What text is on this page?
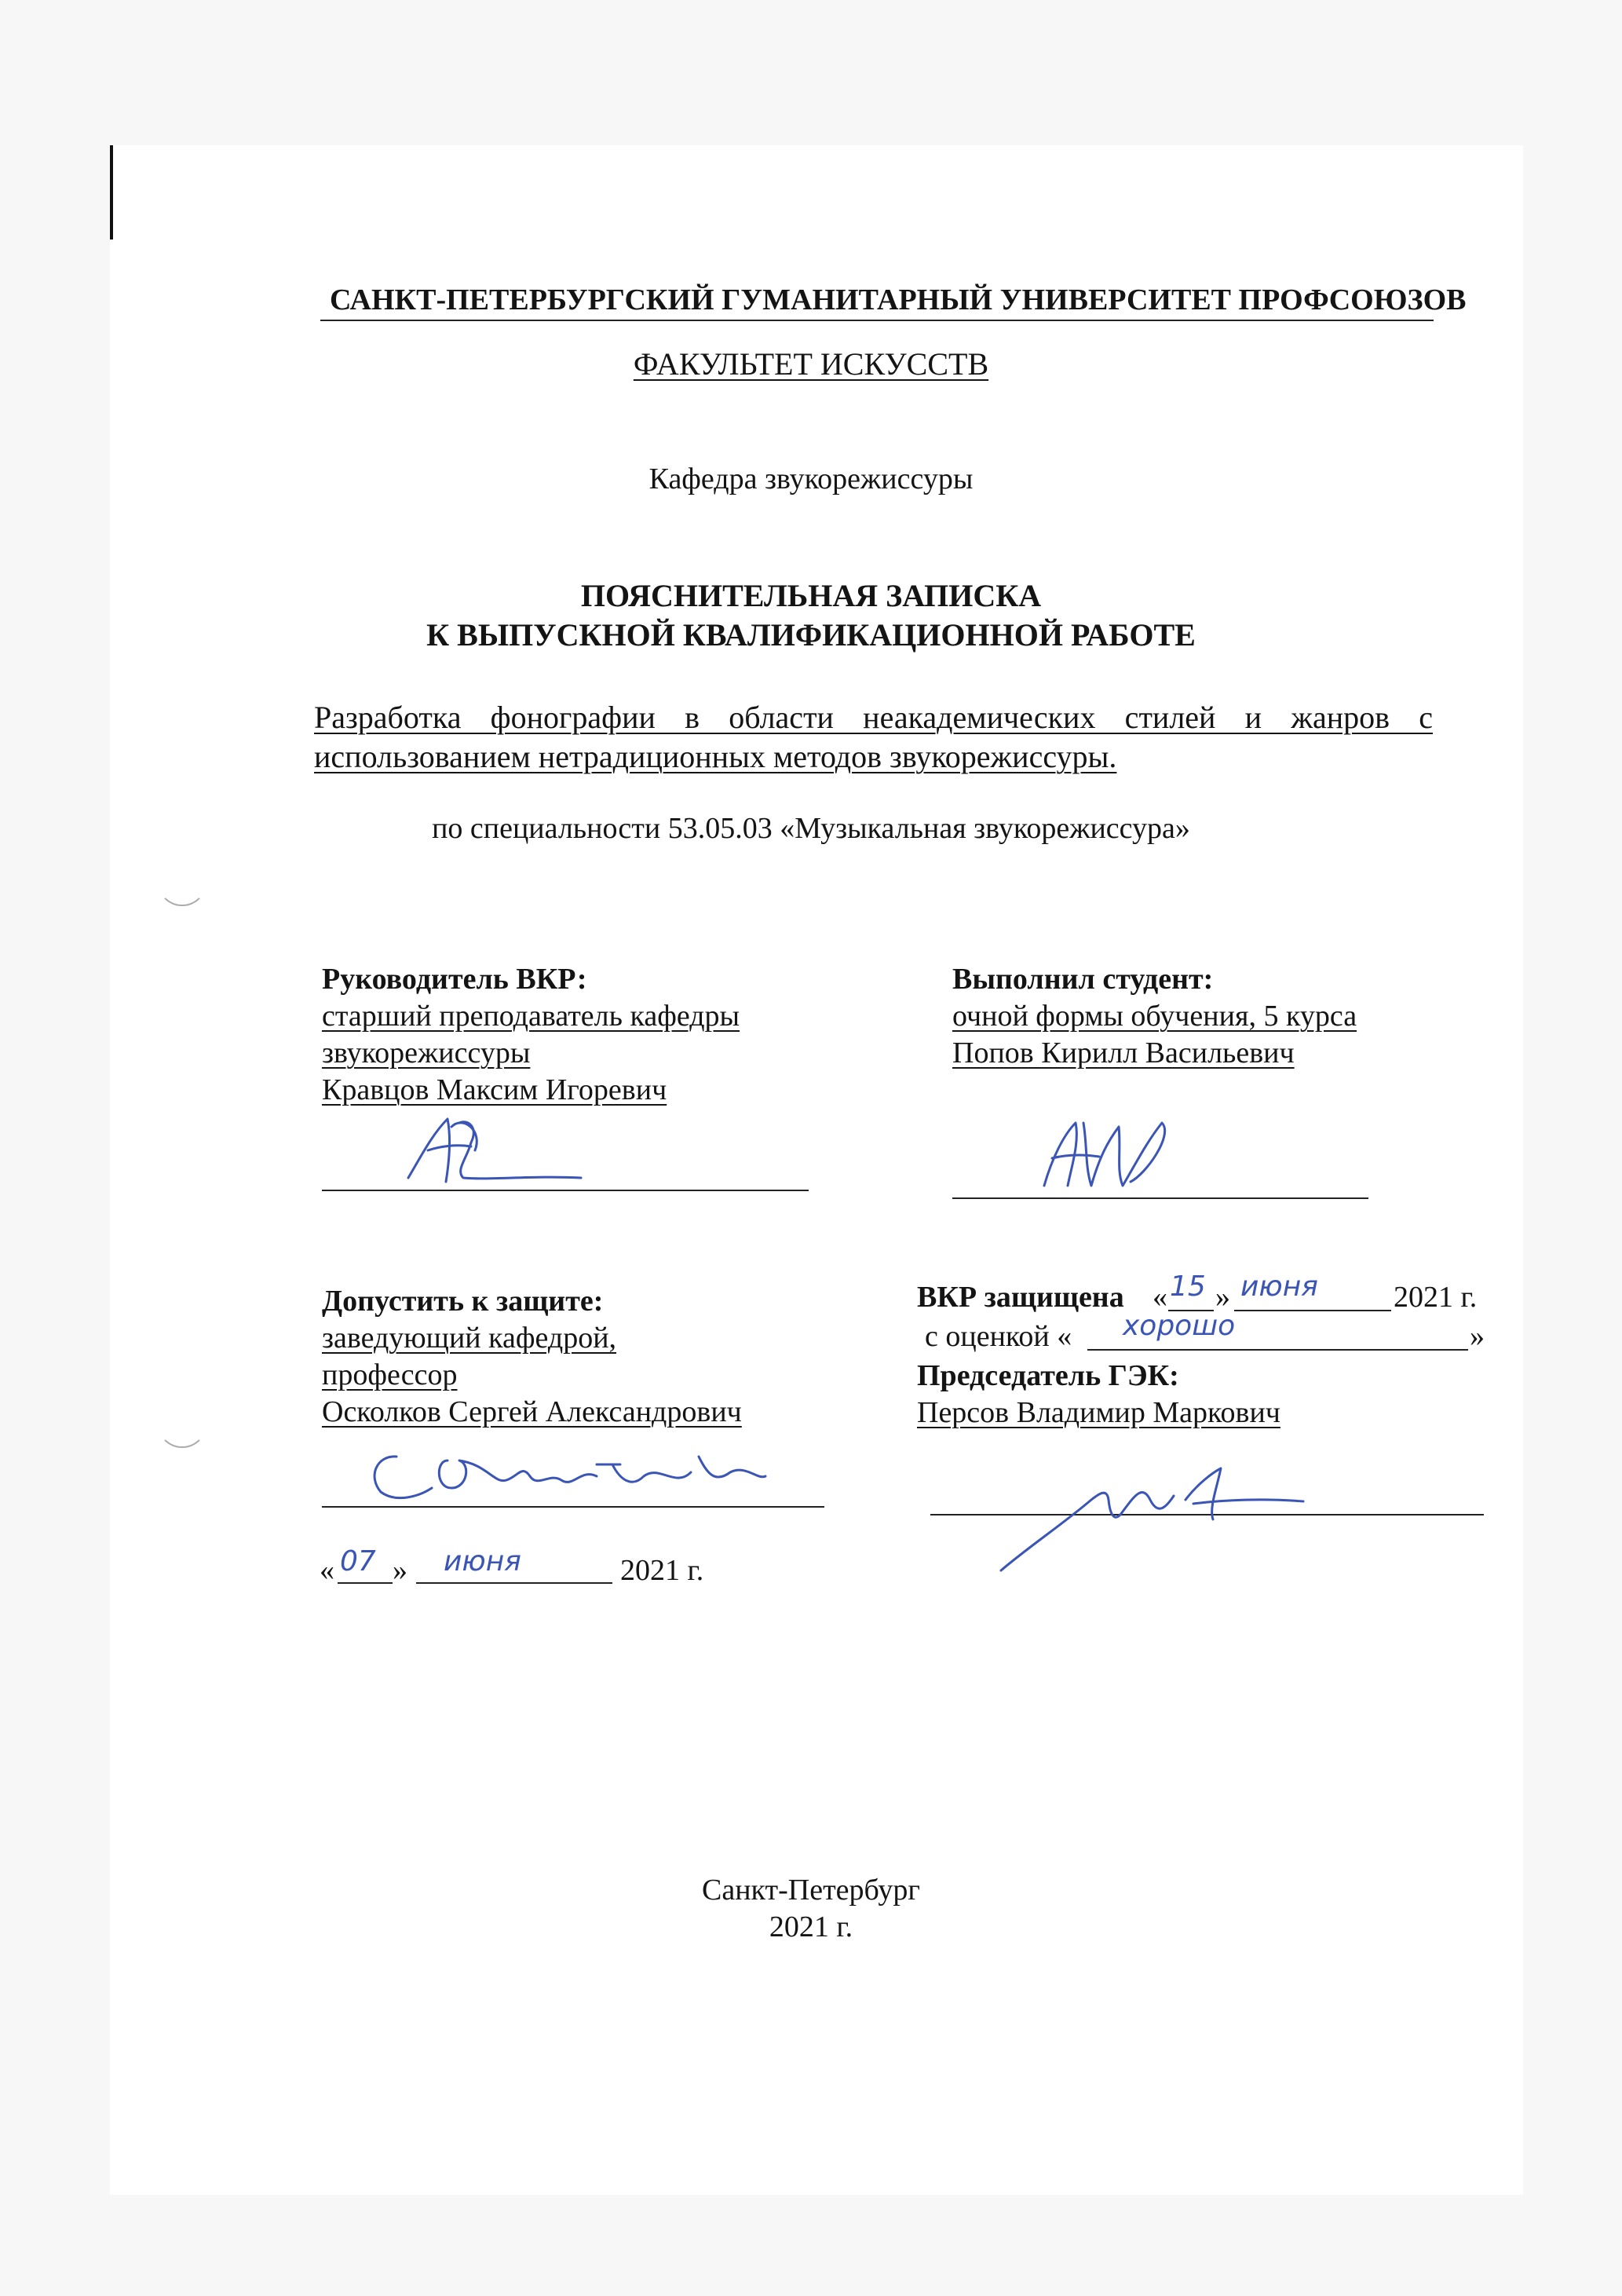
САНКТ-ПЕТЕРБУРГСКИЙ ГУМАНИТАРНЫЙ УНИВЕРСИТЕТ ПРОФСОЮЗОВ
ФАКУЛЬТЕТ ИСКУССТВ
Кафедра звукорежиссуры
ПОЯСНИТЕЛЬНАЯ ЗАПИСКА
К ВЫПУСКНОЙ КВАЛИФИКАЦИОННОЙ РАБОТЕ
Разработка фонографии в области неакадемических стилей и жанров с
использованием нетрадиционных методов звукорежиссуры.
по специальности 53.05.03 «Музыкальная звукорежиссура»
Руководитель ВКР:
старший преподаватель кафедры
звукорежиссуры
Кравцов Максим Игоревич
Выполнил студент:
очной формы обучения, 5 курса
Попов Кирилл Васильевич
Допустить к защите:
заведующий кафедрой,
профессор
Осколков Сергей Александрович
« 07 » июня	2021 г.
ВКР защищена « 15 » июня	2021 г.
с оценкой « хорошо	»
Председатель ГЭК:
Персов Владимир Маркович
Санкт-Петербург
2021 г.
